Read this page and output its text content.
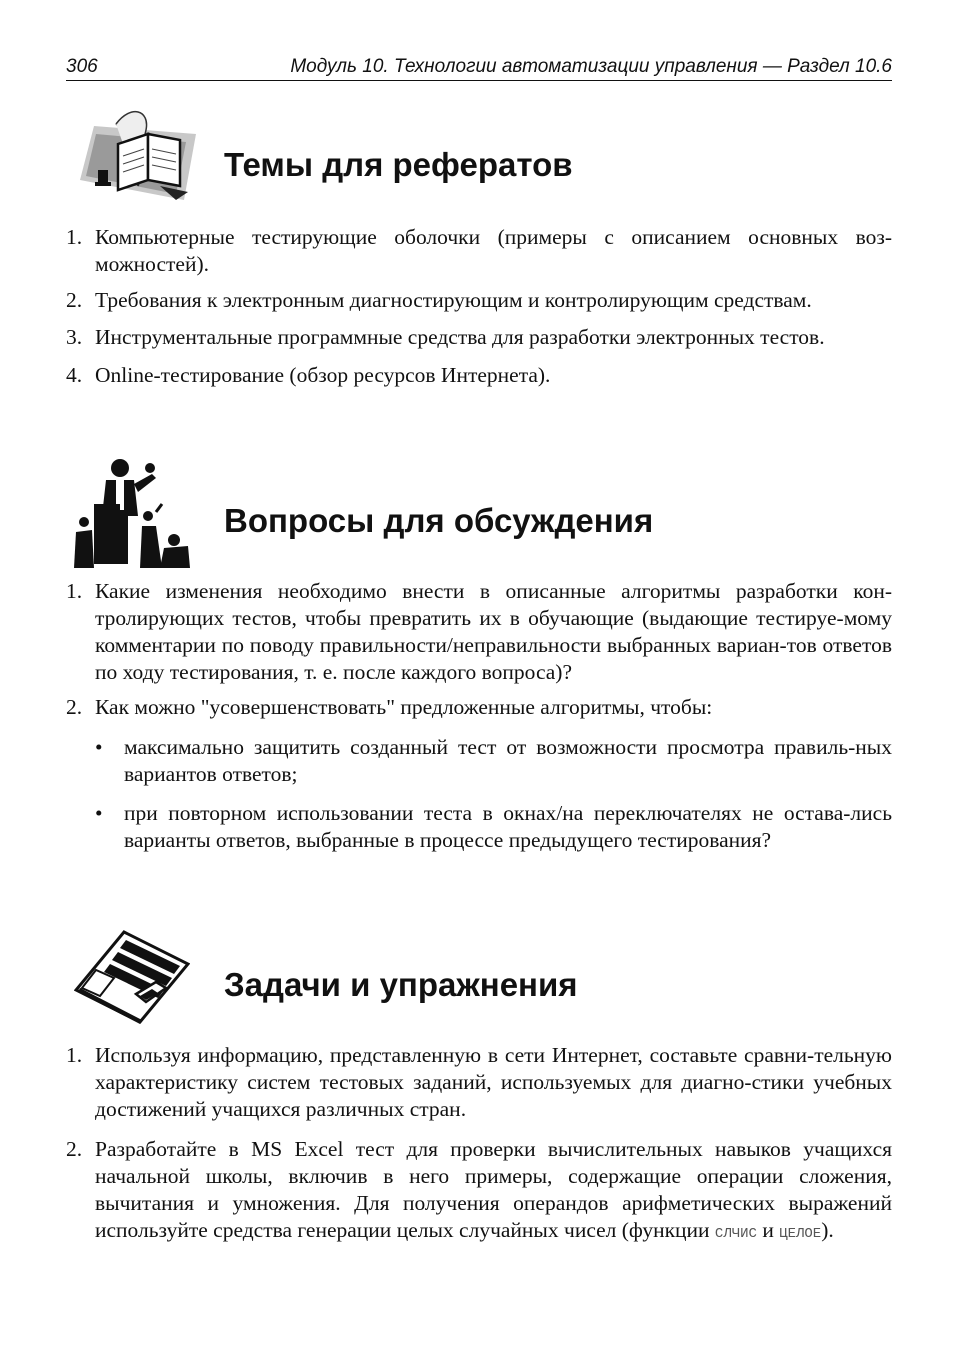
306	Модуль 10. Технологии автоматизации управления — Раздел 10.6
Темы для рефератов
1. Компьютерные тестирующие оболочки (примеры с описанием основных воз-можностей).
2. Требования к электронным диагностирующим и контролирующим средствам.
3. Инструментальные программные средства для разработки электронных тестов.
4. Online-тестирование (обзор ресурсов Интернета).
Вопросы для обсуждения
1. Какие изменения необходимо внести в описанные алгоритмы разработки кон-тролирующих тестов, чтобы превратить их в обучающие (выдающие тестируе-мому комментарии по поводу правильности/неправильности выбранных вариан-тов ответов по ходу тестирования, т. е. после каждого вопроса)?
2. Как можно "усовершенствовать" предложенные алгоритмы, чтобы:
• максимально защитить созданный тест от возможности просмотра правиль-ных вариантов ответов;
• при повторном использовании теста в окнах/на переключателях не остава-лись варианты ответов, выбранные в процессе предыдущего тестирования?
Задачи и упражнения
1. Используя информацию, представленную в сети Интернет, составьте сравни-тельную характеристику систем тестовых заданий, используемых для диагно-стики учебных достижений учащихся различных стран.
2. Разработайте в MS Excel тест для проверки вычислительных навыков учащихся начальной школы, включив в него примеры, содержащие операции сложения, вычитания и умножения. Для получения операндов арифметических выражений используйте средства генерации целых случайных чисел (функции СЛЧИС и ЦЕЛОЕ).
